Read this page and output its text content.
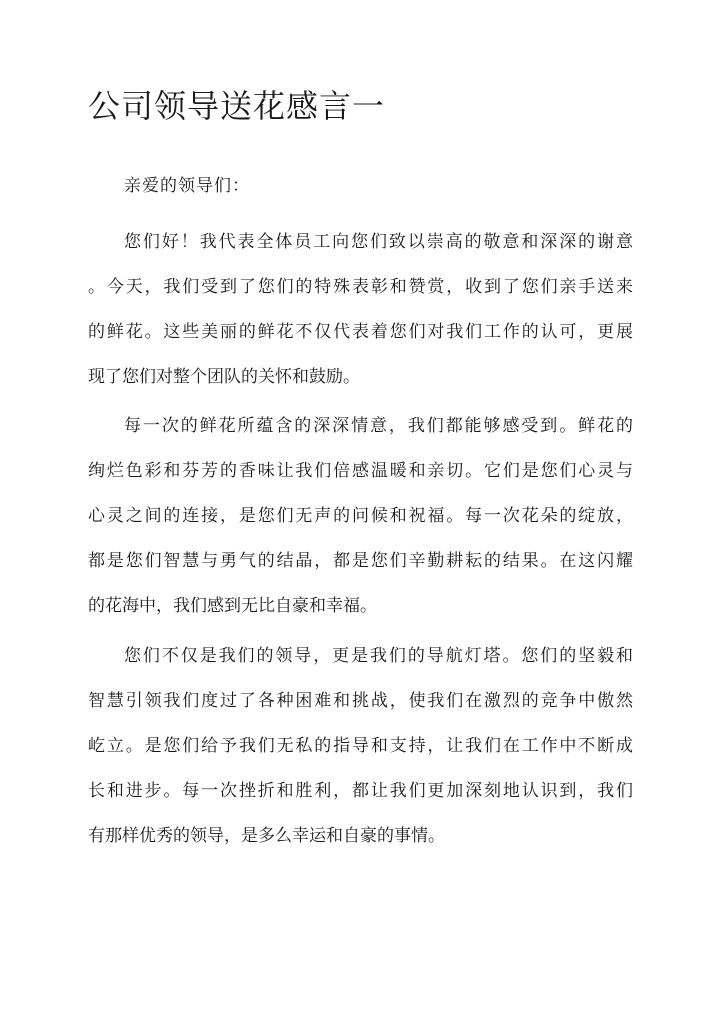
公司领导送花感言一

亲爱的领导们：

您们好！我代表全体员工向您们致以崇高的敬意和深深的谢意
。今天，我们受到了您们的特殊表彰和赞赏，收到了您们亲手送来
的鲜花。这些美丽的鲜花不仅代表着您们对我们工作的认可，更展
现了您们对整个团队的关怀和鼓励。
每一次的鲜花所蕴含的深深情意，我们都能够感受到。鲜花的
绚烂色彩和芬芳的香味让我们倍感温暖和亲切。它们是您们心灵与
心灵之间的连接，是您们无声的问候和祝福。每一次花朵的绽放，
都是您们智慧与勇气的结晶，都是您们辛勤耕耘的结果。在这闪耀
的花海中，我们感到无比自豪和幸福。
您们不仅是我们的领导，更是我们的导航灯塔。您们的坚毅和
智慧引领我们度过了各种困难和挑战，使我们在激烈的竞争中傲然
屹立。是您们给予我们无私的指导和支持，让我们在工作中不断成
长和进步。每一次挫折和胜利，都让我们更加深刻地认识到，我们
有那样优秀的领导，是多么幸运和自豪的事情。
